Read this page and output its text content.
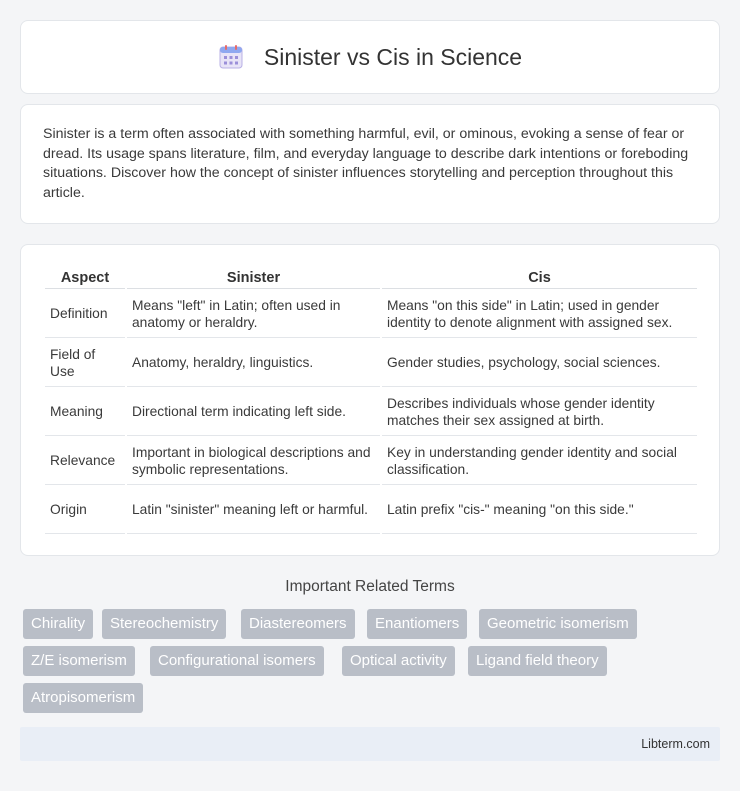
Sinister vs Cis in Science

Sinister is a term often associated with something harmful, evil, or ominous, evoking a sense of fear or dread. Its usage spans literature, film, and everyday language to describe dark intentions or foreboding situations. Discover how the concept of sinister influences storytelling and perception throughout this article.

Aspect	Sinister	Cis
Definition	Means "left" in Latin; often used in anatomy or heraldry.	Means "on this side" in Latin; used in gender identity to denote alignment with assigned sex.
Field of Use	Anatomy, heraldry, linguistics.	Gender studies, psychology, social sciences.
Meaning	Directional term indicating left side.	Describes individuals whose gender identity matches their sex assigned at birth.
Relevance	Important in biological descriptions and symbolic representations.	Key in understanding gender identity and social classification.
Origin	Latin "sinister" meaning left or harmful.	Latin prefix "cis-" meaning "on this side."
Important Related Terms
Chirality	Stereochemistry	Diastereomers	Enantiomers	Geometric isomerism
Z/E isomerism	Configurational isomers	Optical activity	Ligand field theory
Atropisomerism
Libterm.com
